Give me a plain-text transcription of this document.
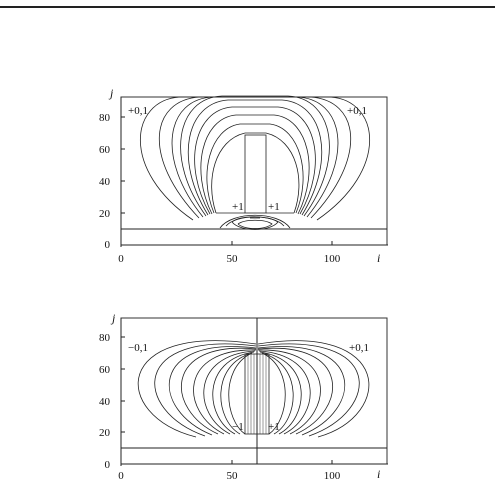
80
60
40
20
0
0	50	100
j
i
+0,1	+0,1
+1 +1
80
60
40
20
0
0	50	100
j
i
−0,1	+0,1
−1 +1
